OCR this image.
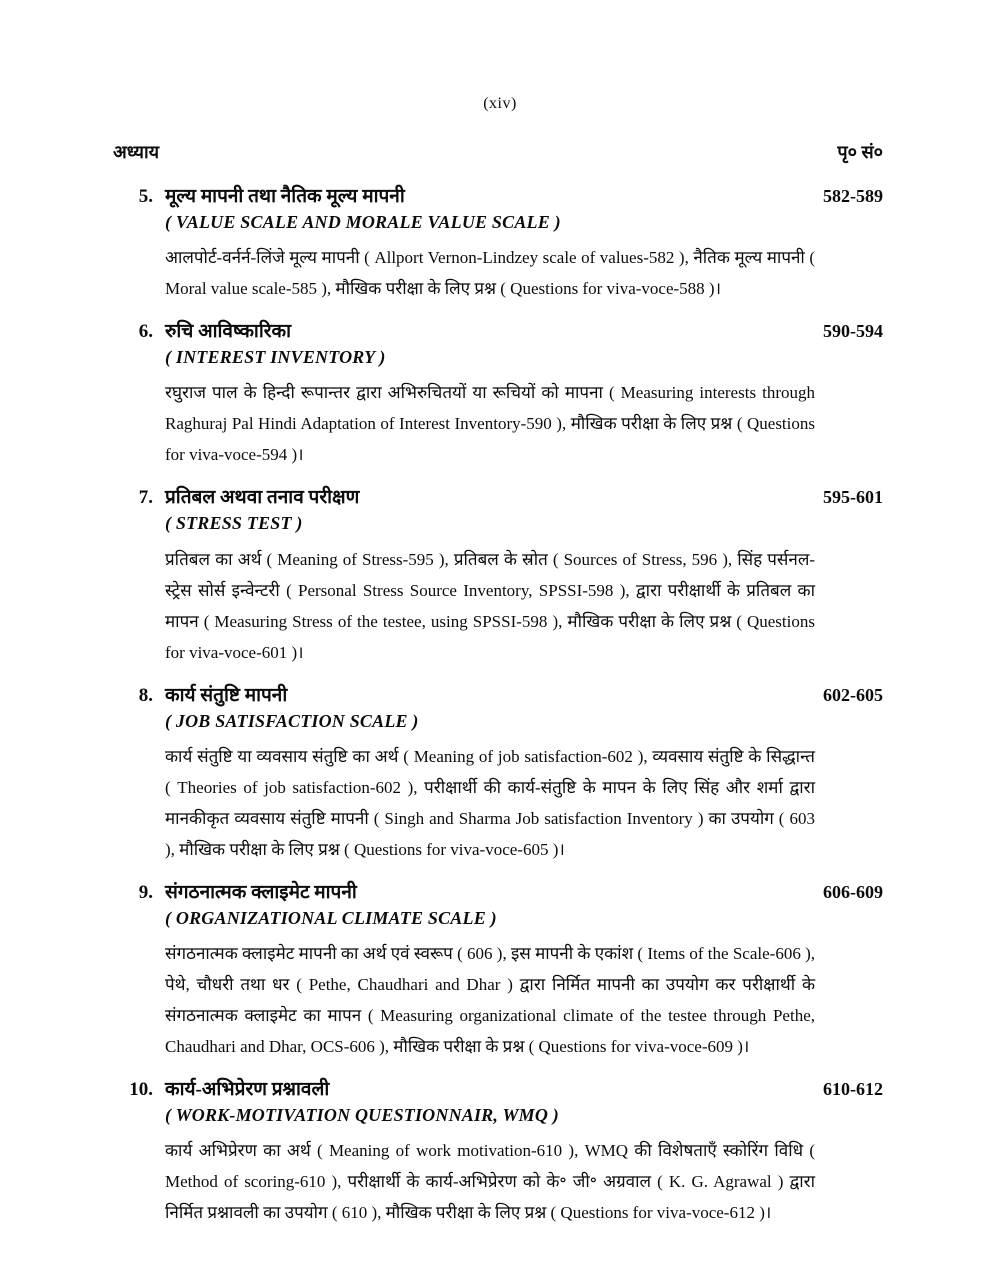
(xiv)
अध्याय	पृ० सं०
5. मूल्य मापनी तथा नैतिक मूल्य मापनी
( VALUE SCALE AND MORALE VALUE SCALE )
582-589

आलपोर्ट-वर्नर्न-लिंजे मूल्य मापनी ( Allport Vernon-Lindzey scale of values-582 ), नैतिक मूल्य मापनी ( Moral value scale-585 ), मौखिक परीक्षा के लिए प्रश्न ( Questions for viva-voce-588 )।

6. रुचि आविष्कारिका
( INTEREST INVENTORY )
590-594

रघुराज पाल के हिन्दी रूपान्तर द्वारा अभिरुचितयों या रूचियों को मापना ( Measuring interests through Raghuraj Pal Hindi Adaptation of Interest Inventory-590 ), मौखिक परीक्षा के लिए प्रश्न ( Questions for viva-voce-594 )।

7. प्रतिबल अथवा तनाव परीक्षण
( STRESS TEST )
595-601

प्रतिबल का अर्थ ( Meaning of Stress-595 ), प्रतिबल के स्रोत ( Sources of Stress, 596 ), सिंह पर्सनल-स्ट्रेस सोर्स इन्वेन्टरी ( Personal Stress Source Inventory, SPSSI-598 ), द्वारा परीक्षार्थी के प्रतिबल का मापन ( Measuring Stress of the testee, using SPSSI-598 ), मौखिक परीक्षा के लिए प्रश्न ( Questions for viva-voce-601 )।

8. कार्य संतुष्टि मापनी
( JOB SATISFACTION SCALE )
602-605

कार्य संतुष्टि या व्यवसाय संतुष्टि का अर्थ ( Meaning of job satisfaction-602 ), व्यवसाय संतुष्टि के सिद्धान्त ( Theories of job satisfaction-602 ), परीक्षार्थी की कार्य-संतुष्टि के मापन के लिए सिंह और शर्मा द्वारा मानकीकृत व्यवसाय संतुष्टि मापनी ( Singh and Sharma Job satisfaction Inventory ) का उपयोग ( 603 ), मौखिक परीक्षा के लिए प्रश्न ( Questions for viva-voce-605 )।

9. संगठनात्मक क्लाइमेट मापनी
( ORGANIZATIONAL CLIMATE SCALE )
606-609

संगठनात्मक क्लाइमेट मापनी का अर्थ एवं स्वरूप ( 606 ), इस मापनी के एकांश ( Items of the Scale-606 ), पेथे, चौधरी तथा धर ( Pethe, Chaudhari and Dhar ) द्वारा निर्मित मापनी का उपयोग कर परीक्षार्थी के संगठनात्मक क्लाइमेट का मापन ( Measuring organizational climate of the testee through Pethe, Chaudhari and Dhar, OCS-606 ), मौखिक परीक्षा के प्रश्न ( Questions for viva-voce-609 )।

10. कार्य-अभिप्रेरण प्रश्नावली
( WORK-MOTIVATION QUESTIONNAIR, WMQ )
610-612

कार्य अभिप्रेरण का अर्थ ( Meaning of work motivation-610 ), WMQ की विशेषताएँ स्कोरिंग विधि ( Method of scoring-610 ), परीक्षार्थी के कार्य-अभिप्रेरण को के॰ जी॰ अग्रवाल ( K. G. Agrawal ) द्वारा निर्मित प्रश्नावली का उपयोग ( 610 ), मौखिक परीक्षा के लिए प्रश्न ( Questions for viva-voce-612 )।
